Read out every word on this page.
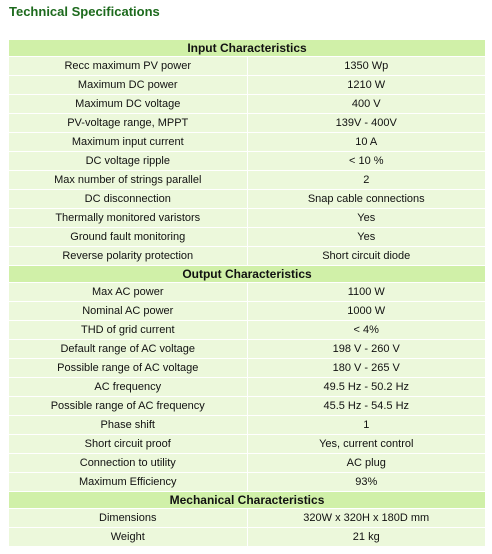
Technical Specifications
Input Characteristics	
Recc maximum PV power	1350 Wp
Maximum DC power	1210 W
Maximum DC voltage	400 V
PV-voltage range, MPPT	139V - 400V
Maximum input current	10 A
DC voltage ripple	< 10 %
Max number of strings parallel	2
DC disconnection	Snap cable connections
Thermally monitored varistors	Yes
Ground fault monitoring	Yes
Reverse polarity protection	Short circuit diode
Output Characteristics	
Max AC power	1100 W
Nominal AC power	1000 W
THD of grid current	< 4%
Default range of AC voltage	198 V - 260 V
Possible range of AC voltage	180 V - 265 V
AC frequency	49.5 Hz - 50.2 Hz
Possible range of AC frequency	45.5 Hz - 54.5 Hz
Phase shift	1
Short circuit proof	Yes, current control
Connection to utility	AC plug
Maximum Efficiency	93%
Mechanical Characteristics	
Dimensions	320W x 320H x 180D mm
Weight	21 kg
